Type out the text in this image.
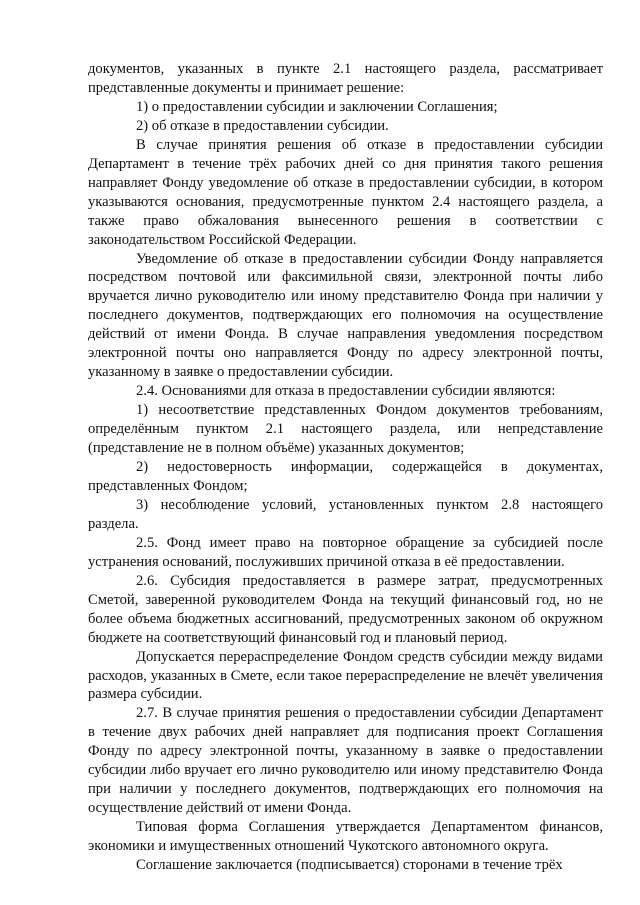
документов, указанных в пункте 2.1 настоящего раздела, рассматривает представленные документы и принимает решение:

1) о предоставлении субсидии и заключении Соглашения;

2) об отказе в предоставлении субсидии.

В случае принятия решения об отказе в предоставлении субсидии Департамент в течение трёх рабочих дней со дня принятия такого решения направляет Фонду уведомление об отказе в предоставлении субсидии, в котором указываются основания, предусмотренные пунктом 2.4 настоящего раздела, а также право обжалования вынесенного решения в соответствии с законодательством Российской Федерации.

Уведомление об отказе в предоставлении субсидии Фонду направляется посредством почтовой или факсимильной связи, электронной почты либо вручается лично руководителю или иному представителю Фонда при наличии у последнего документов, подтверждающих его полномочия на осуществление действий от имени Фонда. В случае направления уведомления посредством электронной почты оно направляется Фонду по адресу электронной почты, указанному в заявке о предоставлении субсидии.

2.4. Основаниями для отказа в предоставлении субсидии являются:

1) несоответствие представленных Фондом документов требованиям, определённым пунктом 2.1 настоящего раздела, или непредставление (представление не в полном объёме) указанных документов;

2) недостоверность информации, содержащейся в документах, представленных Фондом;

3) несоблюдение условий, установленных пунктом 2.8 настоящего раздела.

2.5. Фонд имеет право на повторное обращение за субсидией после устранения оснований, послуживших причиной отказа в её предоставлении.

2.6. Субсидия предоставляется в размере затрат, предусмотренных Сметой, заверенной руководителем Фонда на текущий финансовый год, но не более объема бюджетных ассигнований, предусмотренных законом об окружном бюджете на соответствующий финансовый год и плановый период.

Допускается перераспределение Фондом средств субсидии между видами расходов, указанных в Смете, если такое перераспределение не влечёт увеличения размера субсидии.

2.7. В случае принятия решения о предоставлении субсидии Департамент в течение двух рабочих дней направляет для подписания проект Соглашения Фонду по адресу электронной почты, указанному в заявке о предоставлении субсидии либо вручает его лично руководителю или иному представителю Фонда при наличии у последнего документов, подтверждающих его полномочия на осуществление действий от имени Фонда.

Типовая форма Соглашения утверждается Департаментом финансов, экономики и имущественных отношений Чукотского автономного округа.

Соглашение заключается (подписывается) сторонами в течение трёх
